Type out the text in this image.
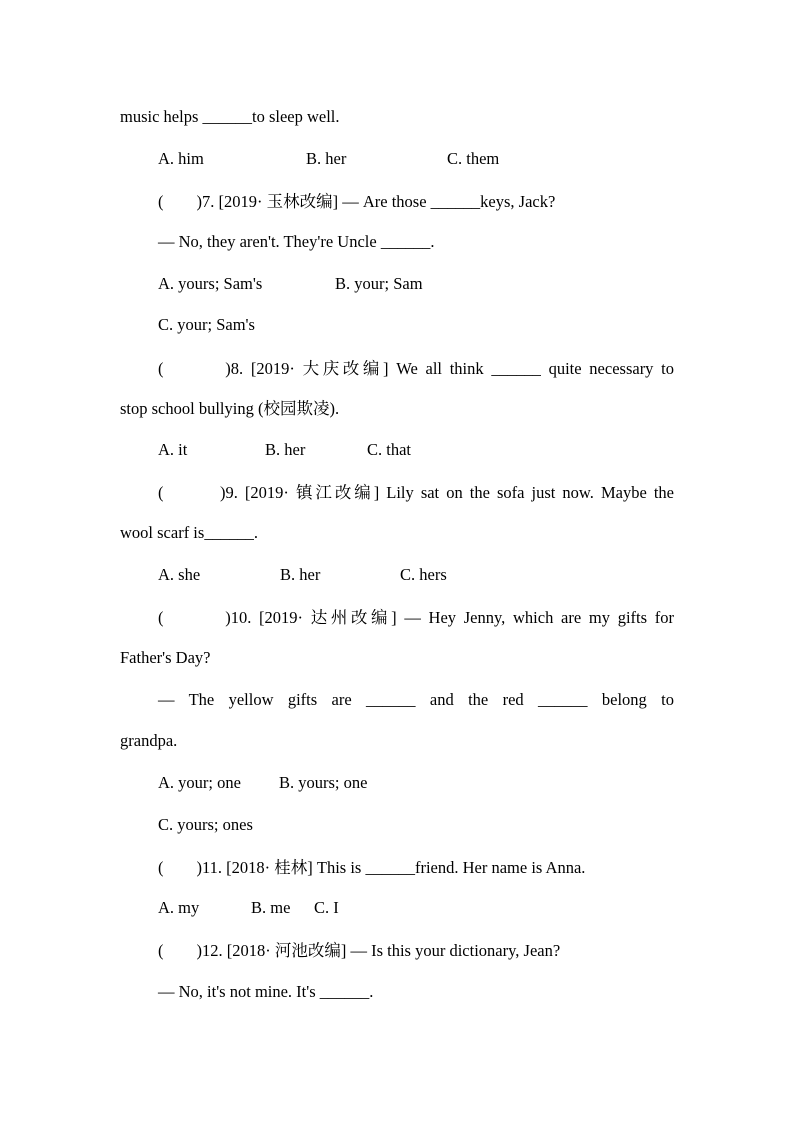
music helps ______to sleep well.
A. him	B. her	C. them
(        )7. [2019· 玉林改编] — Are those ______keys, Jack?
— No, they aren't. They're Uncle ______.
A. yours; Sam's	B. your; Sam
C. your; Sam's
(        )8. [2019· 大庆改编] We all think ______ quite necessary to
stop school bullying (校园欺凌).
A. it	B. her	C. that
(        )9. [2019· 镇江改编] Lily sat on the sofa just now. Maybe the
wool scarf is______.
A. she	B. her	C. hers
(        )10. [2019· 达州改编] — Hey Jenny, which are my gifts for
Father's Day?
— The yellow gifts are ______ and the red ______ belong to
grandpa.
A. your; one B. yours; one
C. yours; ones
(        )11. [2018· 桂林] This is ______friend. Her name is Anna.
A. my	B. me C. I
(        )12. [2018· 河池改编] — Is this your dictionary, Jean?
— No, it's not mine. It's ______.
